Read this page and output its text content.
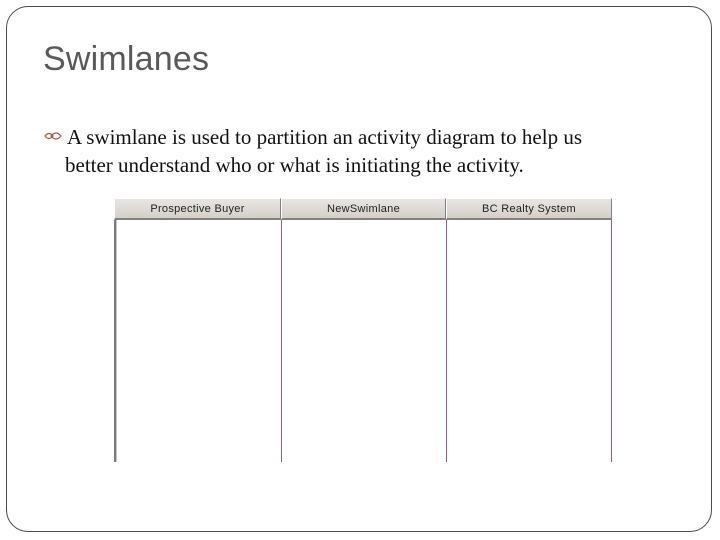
Swimlanes
A swimlane is used to partition an activity diagram to help us
better understand who or what is initiating the activity.
Prospective Buyer	NewSwimlane	BC Realty System
